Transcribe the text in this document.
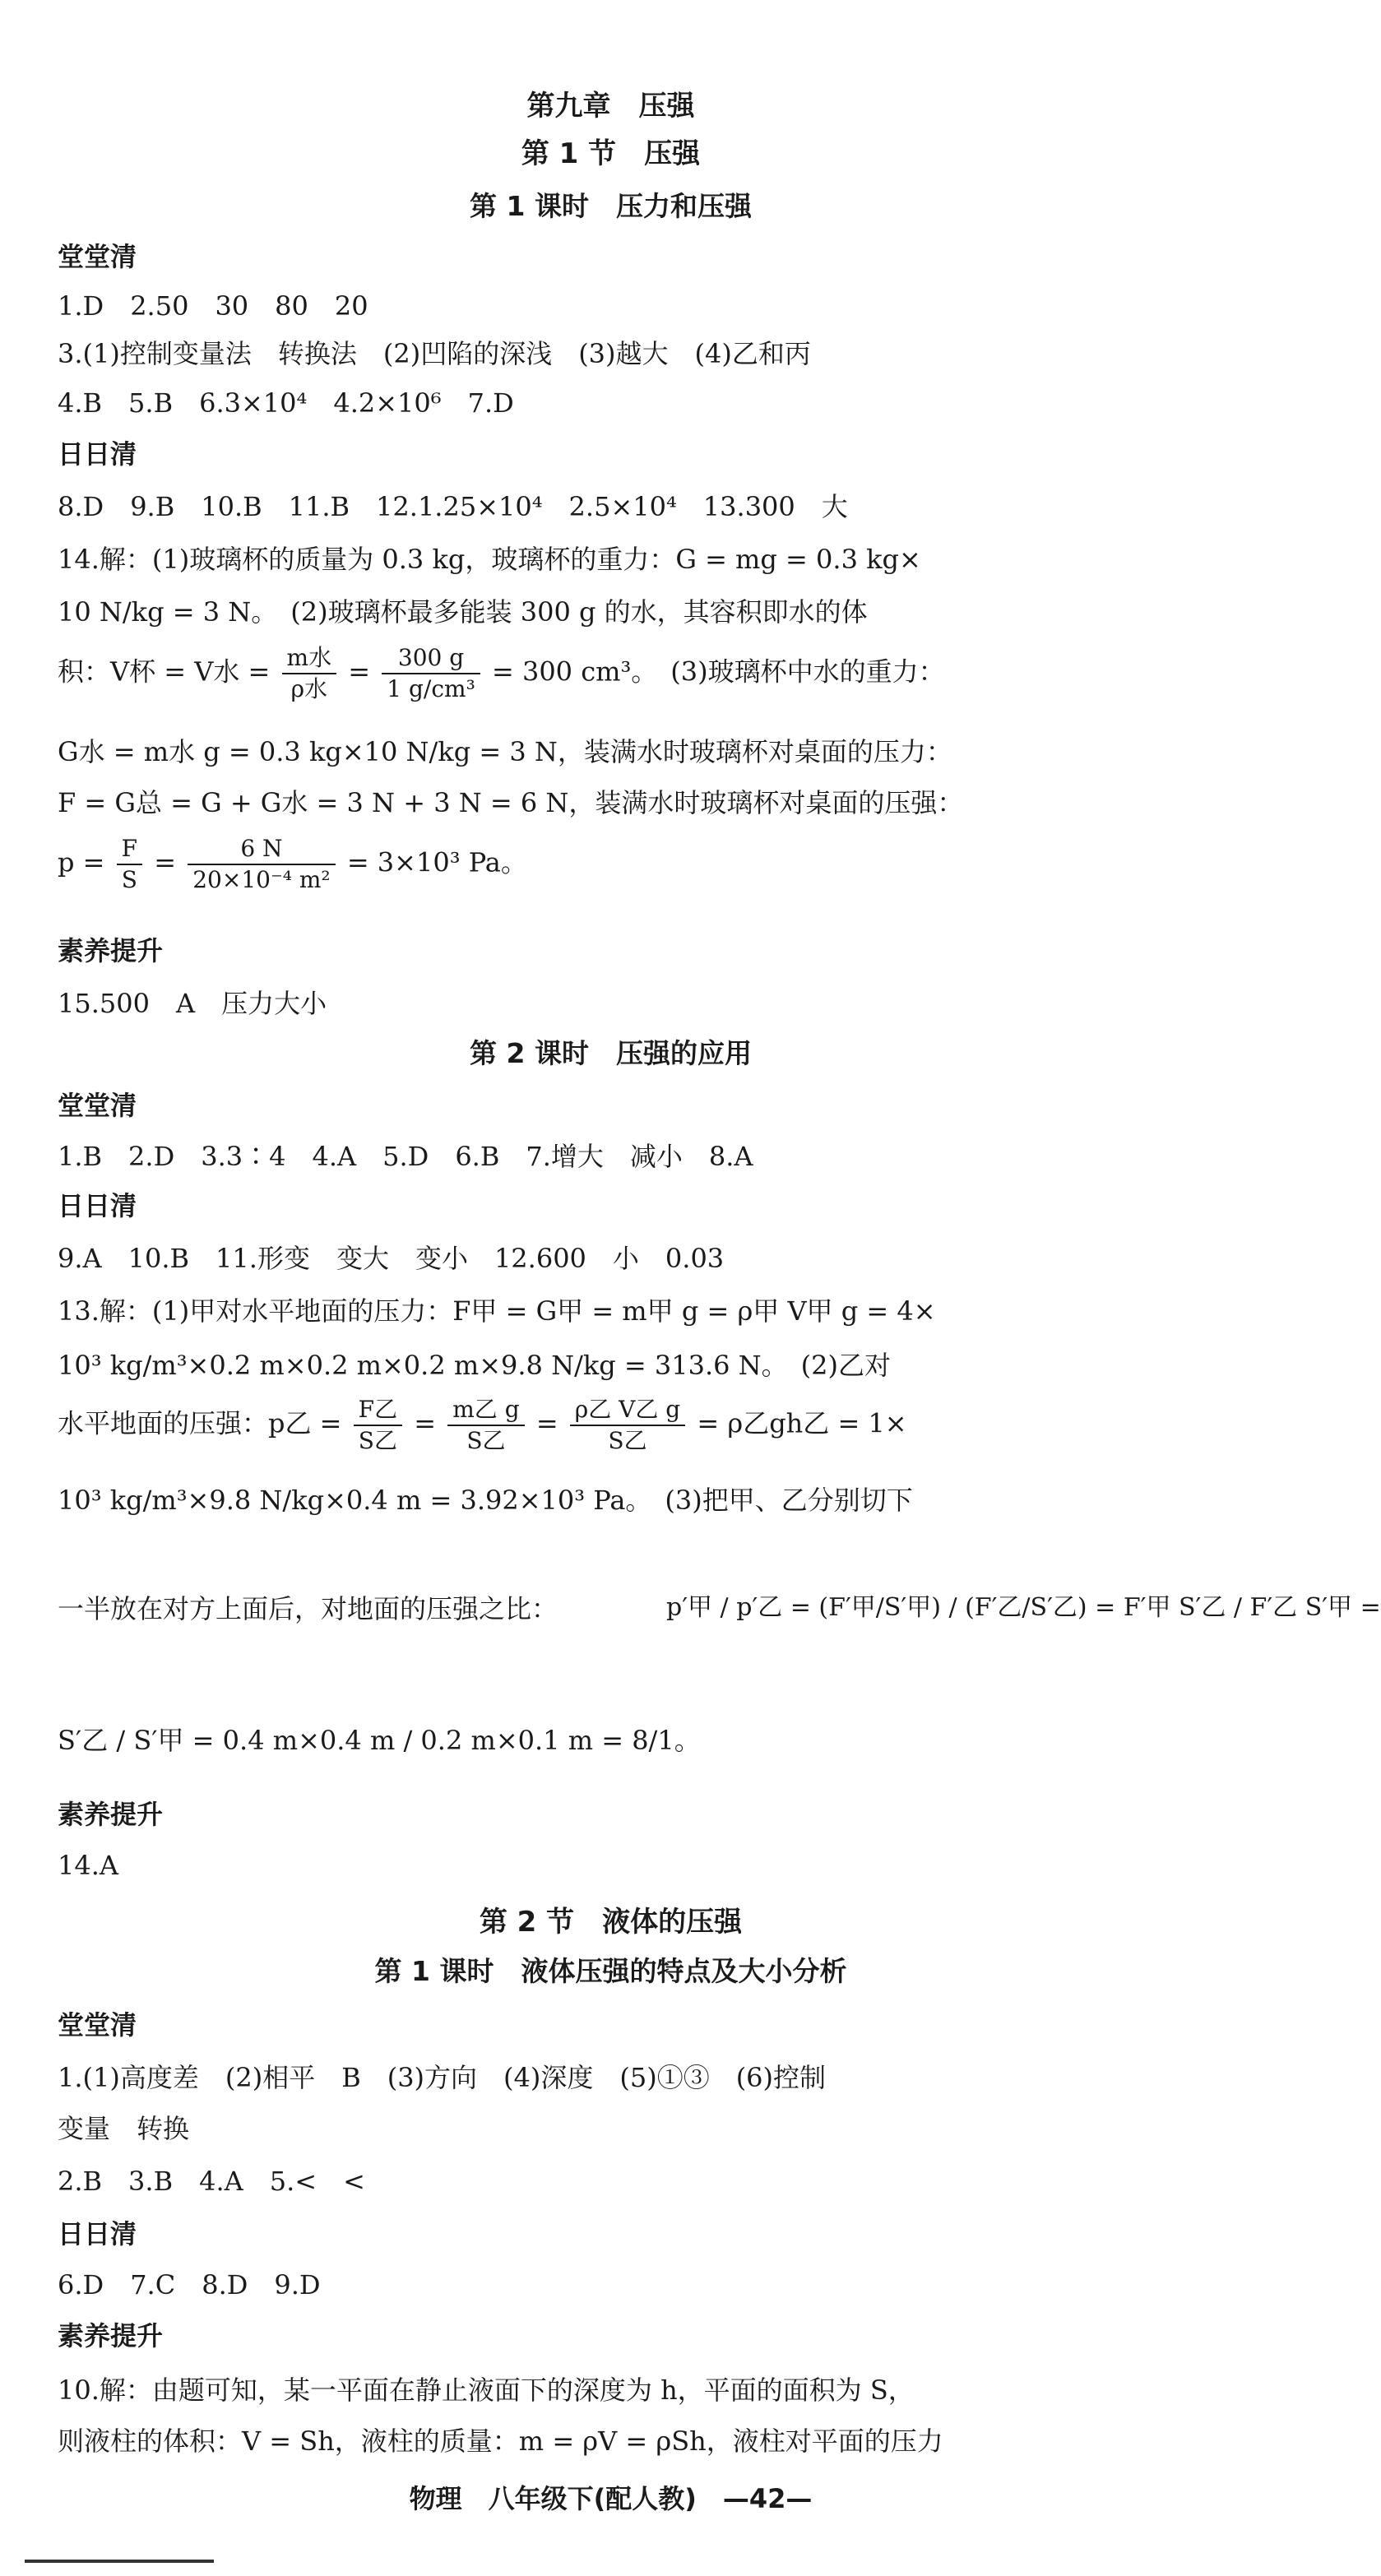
第九章　压强
第 1 节　压强
第 1 课时　压力和压强
堂堂清
1.D　2.50　30　80　20
3.(1)控制变量法　转换法　(2)凹陷的深浅　(3)越大　(4)乙和丙
4.B　5.B　6.3×10⁴　4.2×10⁶　7.D
日日清
8.D　9.B　10.B　11.B　12.1.25×10⁴　2.5×10⁴　13.300　大
14.解：(1)玻璃杯的质量为 0.3 kg，玻璃杯的重力：G = mg = 0.3 kg×
10 N/kg = 3 N。　(2)玻璃杯最多能装 300 g 的水，其容积即水的体
积：V杯 = V水 = $\frac{\text{m水}}{\text{ρ水}} = \frac{300 g}{\text{1 g/cm³}} = 300$ cm³。　(3)玻璃杯中水的重力：
G水 = m水 g = 0.3 kg×10 N/kg = 3 N，装满水时玻璃杯对桌面的压力：
F = G总 = G + G水 = 3 N + 3 N = 6 N，装满水时玻璃杯对桌面的压强：
$p = \frac{F}{S} = \frac{6 N}{\text{20×10⁻⁴ m²}} = 3\times 10^3$ Pa。
素养提升
15.500　A　压力大小
第 2 课时　压强的应用
堂堂清
1.B　2.D　3.3∶4　4.A　5.D　6.B　7.增大　减小　8.A
日日清
9.A　10.B　11.形变　变大　变小　12.600　小　0.03
13.解：(1)甲对水平地面的压力：F甲 = G甲 = m甲 g = ρ甲 V甲 g = 4×
10³ kg/m³×0.2 m×0.2 m×0.2 m×9.8 N/kg = 313.6 N。　(2)乙对
水平地面的压强：p乙 = $\frac{\text{F乙}}{\text{S乙}} = \frac{\text{m乙 g}}{\text{S乙}} = \frac{\text{ρ乙 V乙 g}}{\text{S乙}} = \rho$乙gh乙 = 1×
10³ kg/m³×9.8 N/kg×0.4 m = 3.92×10³ Pa。　(3)把甲、乙分别切下
一半放在对方上面后，对地面的压强之比：	p′甲 / p′乙 = (F′甲/S′甲) / (F′乙/S′乙) = F′甲 S′乙 / F′乙 S′甲 =
S′乙 / S′甲 = 0.4 m×0.4 m / 0.2 m×0.1 m = 8/1。
素养提升
14.A
第 2 节　液体的压强
第 1 课时　液体压强的特点及大小分析
堂堂清
1.(1)高度差　(2)相平　B　(3)方向　(4)深度　(5)①③　(6)控制
变量　转换
2.B　3.B　4.A　5.<　<
日日清
6.D　7.C　8.D　9.D
素养提升
10.解：由题可知，某一平面在静止液面下的深度为 h，平面的面积为 S，
则液柱的体积：V = Sh，液柱的质量：m = ρV = ρSh，液柱对平面的压力
物理　八年级下(配人教)　—42—
